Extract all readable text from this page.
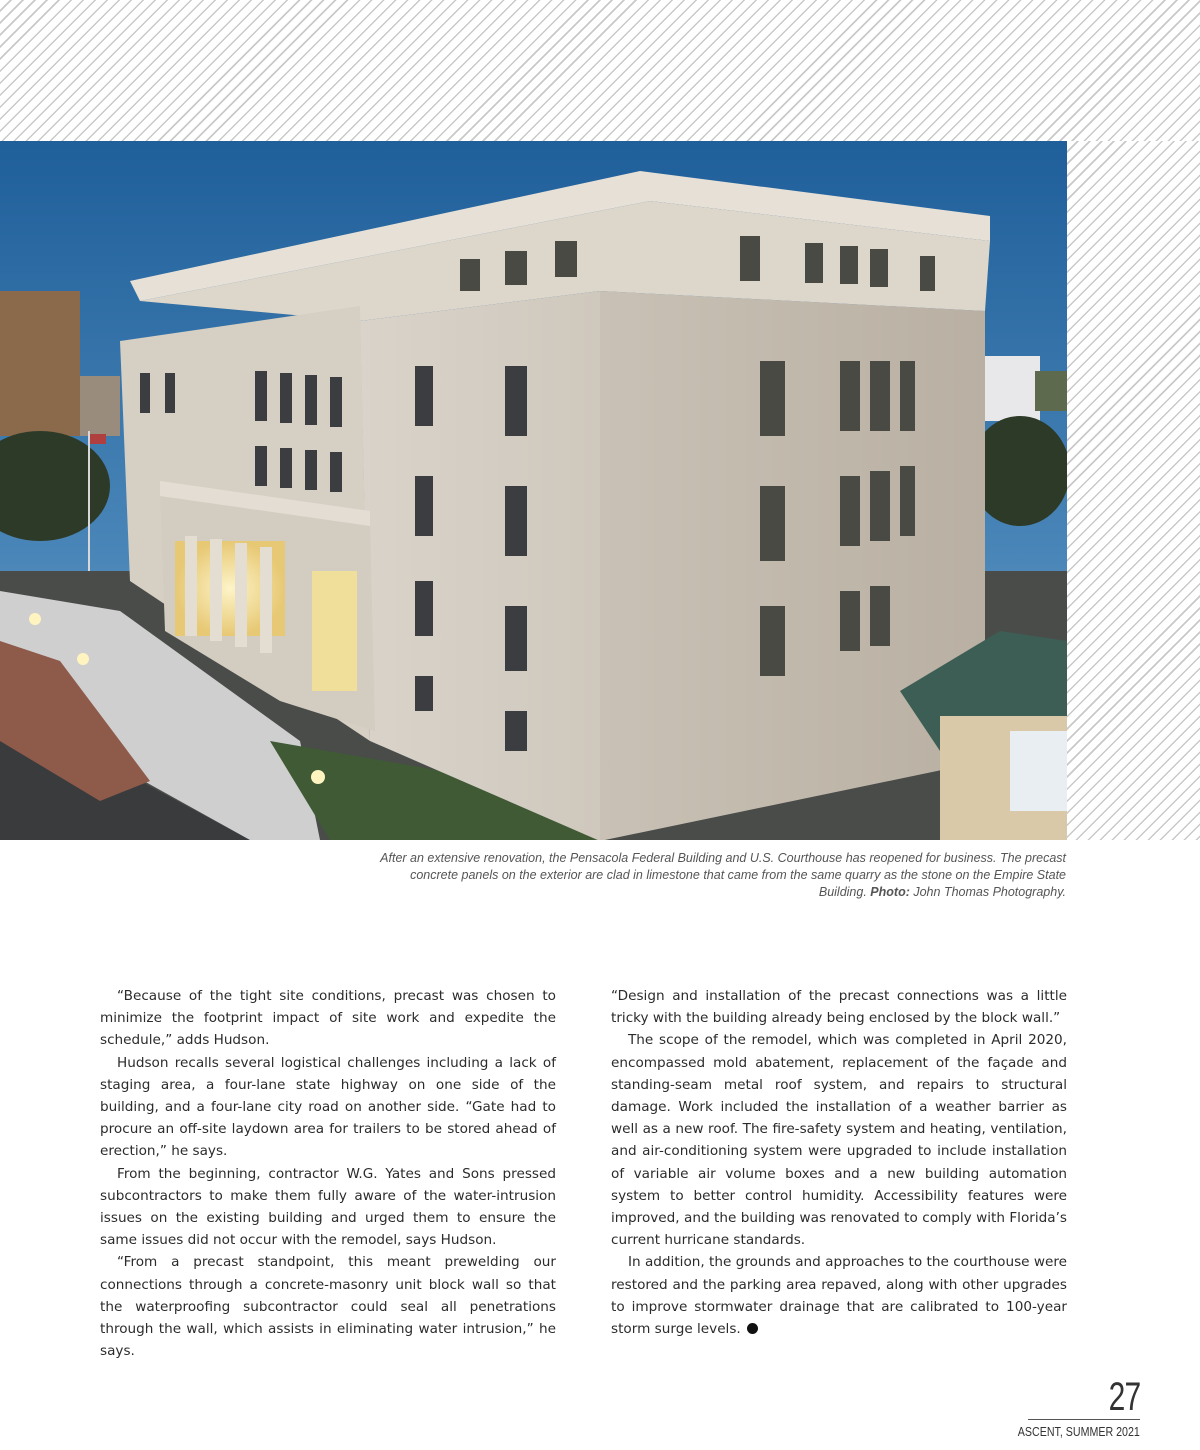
After an extensive renovation, the Pensacola Federal Building and U.S. Courthouse has reopened for business. The precast concrete panels on the exterior are clad in limestone that came from the same quarry as the stone on the Empire State Building. Photo: John Thomas Photography.

“Because of the tight site conditions, precast was chosen to minimize the footprint impact of site work and expedite the schedule,” adds Hudson.

Hudson recalls several logistical challenges including a lack of staging area, a four-lane state highway on one side of the building, and a four-lane city road on another side. “Gate had to procure an off-site laydown area for trailers to be stored ahead of erection,” he says.

From the beginning, contractor W.G. Yates and Sons pressed subcontractors to make them fully aware of the water-intrusion issues on the existing building and urged them to ensure the same issues did not occur with the remodel, says Hudson.

“From a precast standpoint, this meant prewelding our connections through a concrete-masonry unit block wall so that the waterproofing subcontractor could seal all penetrations through the wall, which assists in eliminating water intrusion,” he says.

“Design and installation of the precast connections was a little tricky with the building already being enclosed by the block wall.”

The scope of the remodel, which was completed in April 2020, encompassed mold abatement, replacement of the façade and standing-seam metal roof system, and repairs to structural damage. Work included the installation of a weather barrier as well as a new roof. The fire-safety system and heating, ventilation, and air-conditioning system were upgraded to include installation of variable air volume boxes and a new building automation system to better control humidity. Accessibility features were improved, and the building was renovated to comply with Florida’s current hurricane standards.

In addition, the grounds and approaches to the courthouse were restored and the parking area repaved, along with other upgrades to improve stormwater drainage that are calibrated to 100-year storm surge levels.

27
ASCENT, SUMMER 2021
